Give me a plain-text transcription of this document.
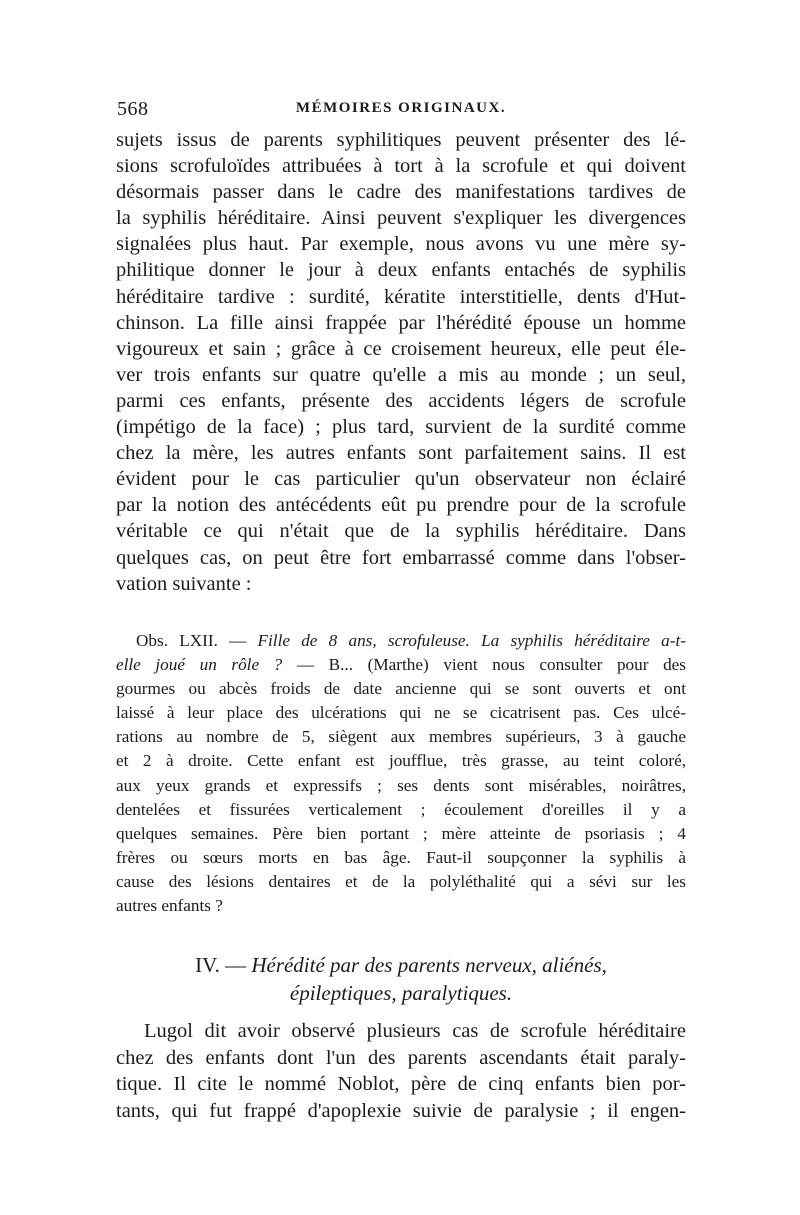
568	MÉMOIRES ORIGINAUX.
sujets issus de parents syphilitiques peuvent présenter des lé-
sions scrofuloïdes attribuées à tort à la scrofule et qui doivent
désormais passer dans le cadre des manifestations tardives de
la syphilis héréditaire. Ainsi peuvent s'expliquer les divergences
signalées plus haut. Par exemple, nous avons vu une mère sy-
philitique donner le jour à deux enfants entachés de syphilis
héréditaire tardive : surdité, kératite interstitielle, dents d'Hut-
chinson. La fille ainsi frappée par l'hérédité épouse un homme
vigoureux et sain ; grâce à ce croisement heureux, elle peut éle-
ver trois enfants sur quatre qu'elle a mis au monde ; un seul,
parmi ces enfants, présente des accidents légers de scrofule
(impétigo de la face) ; plus tard, survient de la surdité comme
chez la mère, les autres enfants sont parfaitement sains. Il est
évident pour le cas particulier qu'un observateur non éclairé
par la notion des antécédents eût pu prendre pour de la scrofule
véritable ce qui n'était que de la syphilis héréditaire. Dans
quelques cas, on peut être fort embarrassé comme dans l'obser-
vation suivante :
Obs. LXII. — Fille de 8 ans, scrofuleuse. La syphilis héréditaire a-t-
elle joué un rôle ? — B... (Marthe) vient nous consulter pour des
gourmes ou abcès froids de date ancienne qui se sont ouverts et ont
laissé à leur place des ulcérations qui ne se cicatrisent pas. Ces ulcé-
rations au nombre de 5, siègent aux membres supérieurs, 3 à gauche
et 2 à droite. Cette enfant est joufflue, très grasse, au teint coloré,
aux yeux grands et expressifs ; ses dents sont misérables, noirâtres,
dentelées et fissurées verticalement ; écoulement d'oreilles il y a
quelques semaines. Père bien portant ; mère atteinte de psoriasis ; 4
frères ou sœurs morts en bas âge. Faut-il soupçonner la syphilis à
cause des lésions dentaires et de la polyléthalité qui a sévi sur les
autres enfants ?
IV. — Hérédité par des parents nerveux, aliénés,
épileptiques, paralytiques.
Lugol dit avoir observé plusieurs cas de scrofule héréditaire
chez des enfants dont l'un des parents ascendants était paraly-
tique. Il cite le nommé Noblot, père de cinq enfants bien por-
tants, qui fut frappé d'apoplexie suivie de paralysie ; il engen-
